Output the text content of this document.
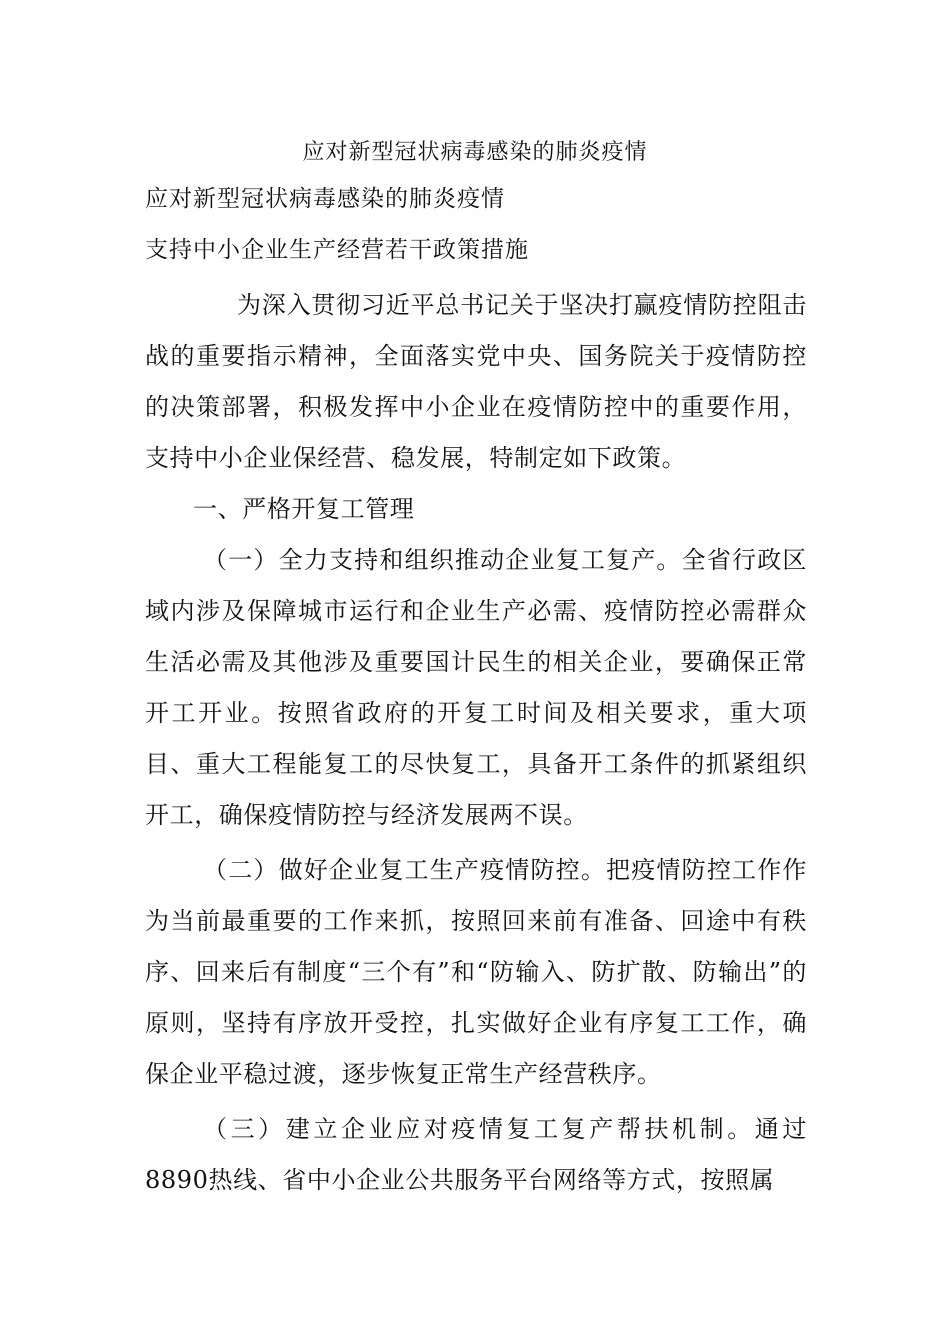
应对新型冠状病毒感染的肺炎疫情
应对新型冠状病毒感染的肺炎疫情
支持中小企业生产经营若干政策措施

为深入贯彻习近平总书记关于坚决打赢疫情防控阻击战的重要指示精神，全面落实党中央、国务院关于疫情防控的决策部署，积极发挥中小企业在疫情防控中的重要作用，支持中小企业保经营、稳发展，特制定如下政策。

一、严格开复工管理

（一）全力支持和组织推动企业复工复产。全省行政区域内涉及保障城市运行和企业生产必需、疫情防控必需群众生活必需及其他涉及重要国计民生的相关企业，要确保正常开工开业。按照省政府的开复工时间及相关要求，重大项目、重大工程能复工的尽快复工，具备开工条件的抓紧组织开工，确保疫情防控与经济发展两不误。

（二）做好企业复工生产疫情防控。把疫情防控工作作为当前最重要的工作来抓，按照回来前有准备、回途中有秩序、回来后有制度“三个有”和“防输入、防扩散、防输出”的原则，坚持有序放开受控，扎实做好企业有序复工工作，确保企业平稳过渡，逐步恢复正常生产经营秩序。

（三）建立企业应对疫情复工复产帮扶机制。通过8890热线、省中小企业公共服务平台网络等方式，按照属
